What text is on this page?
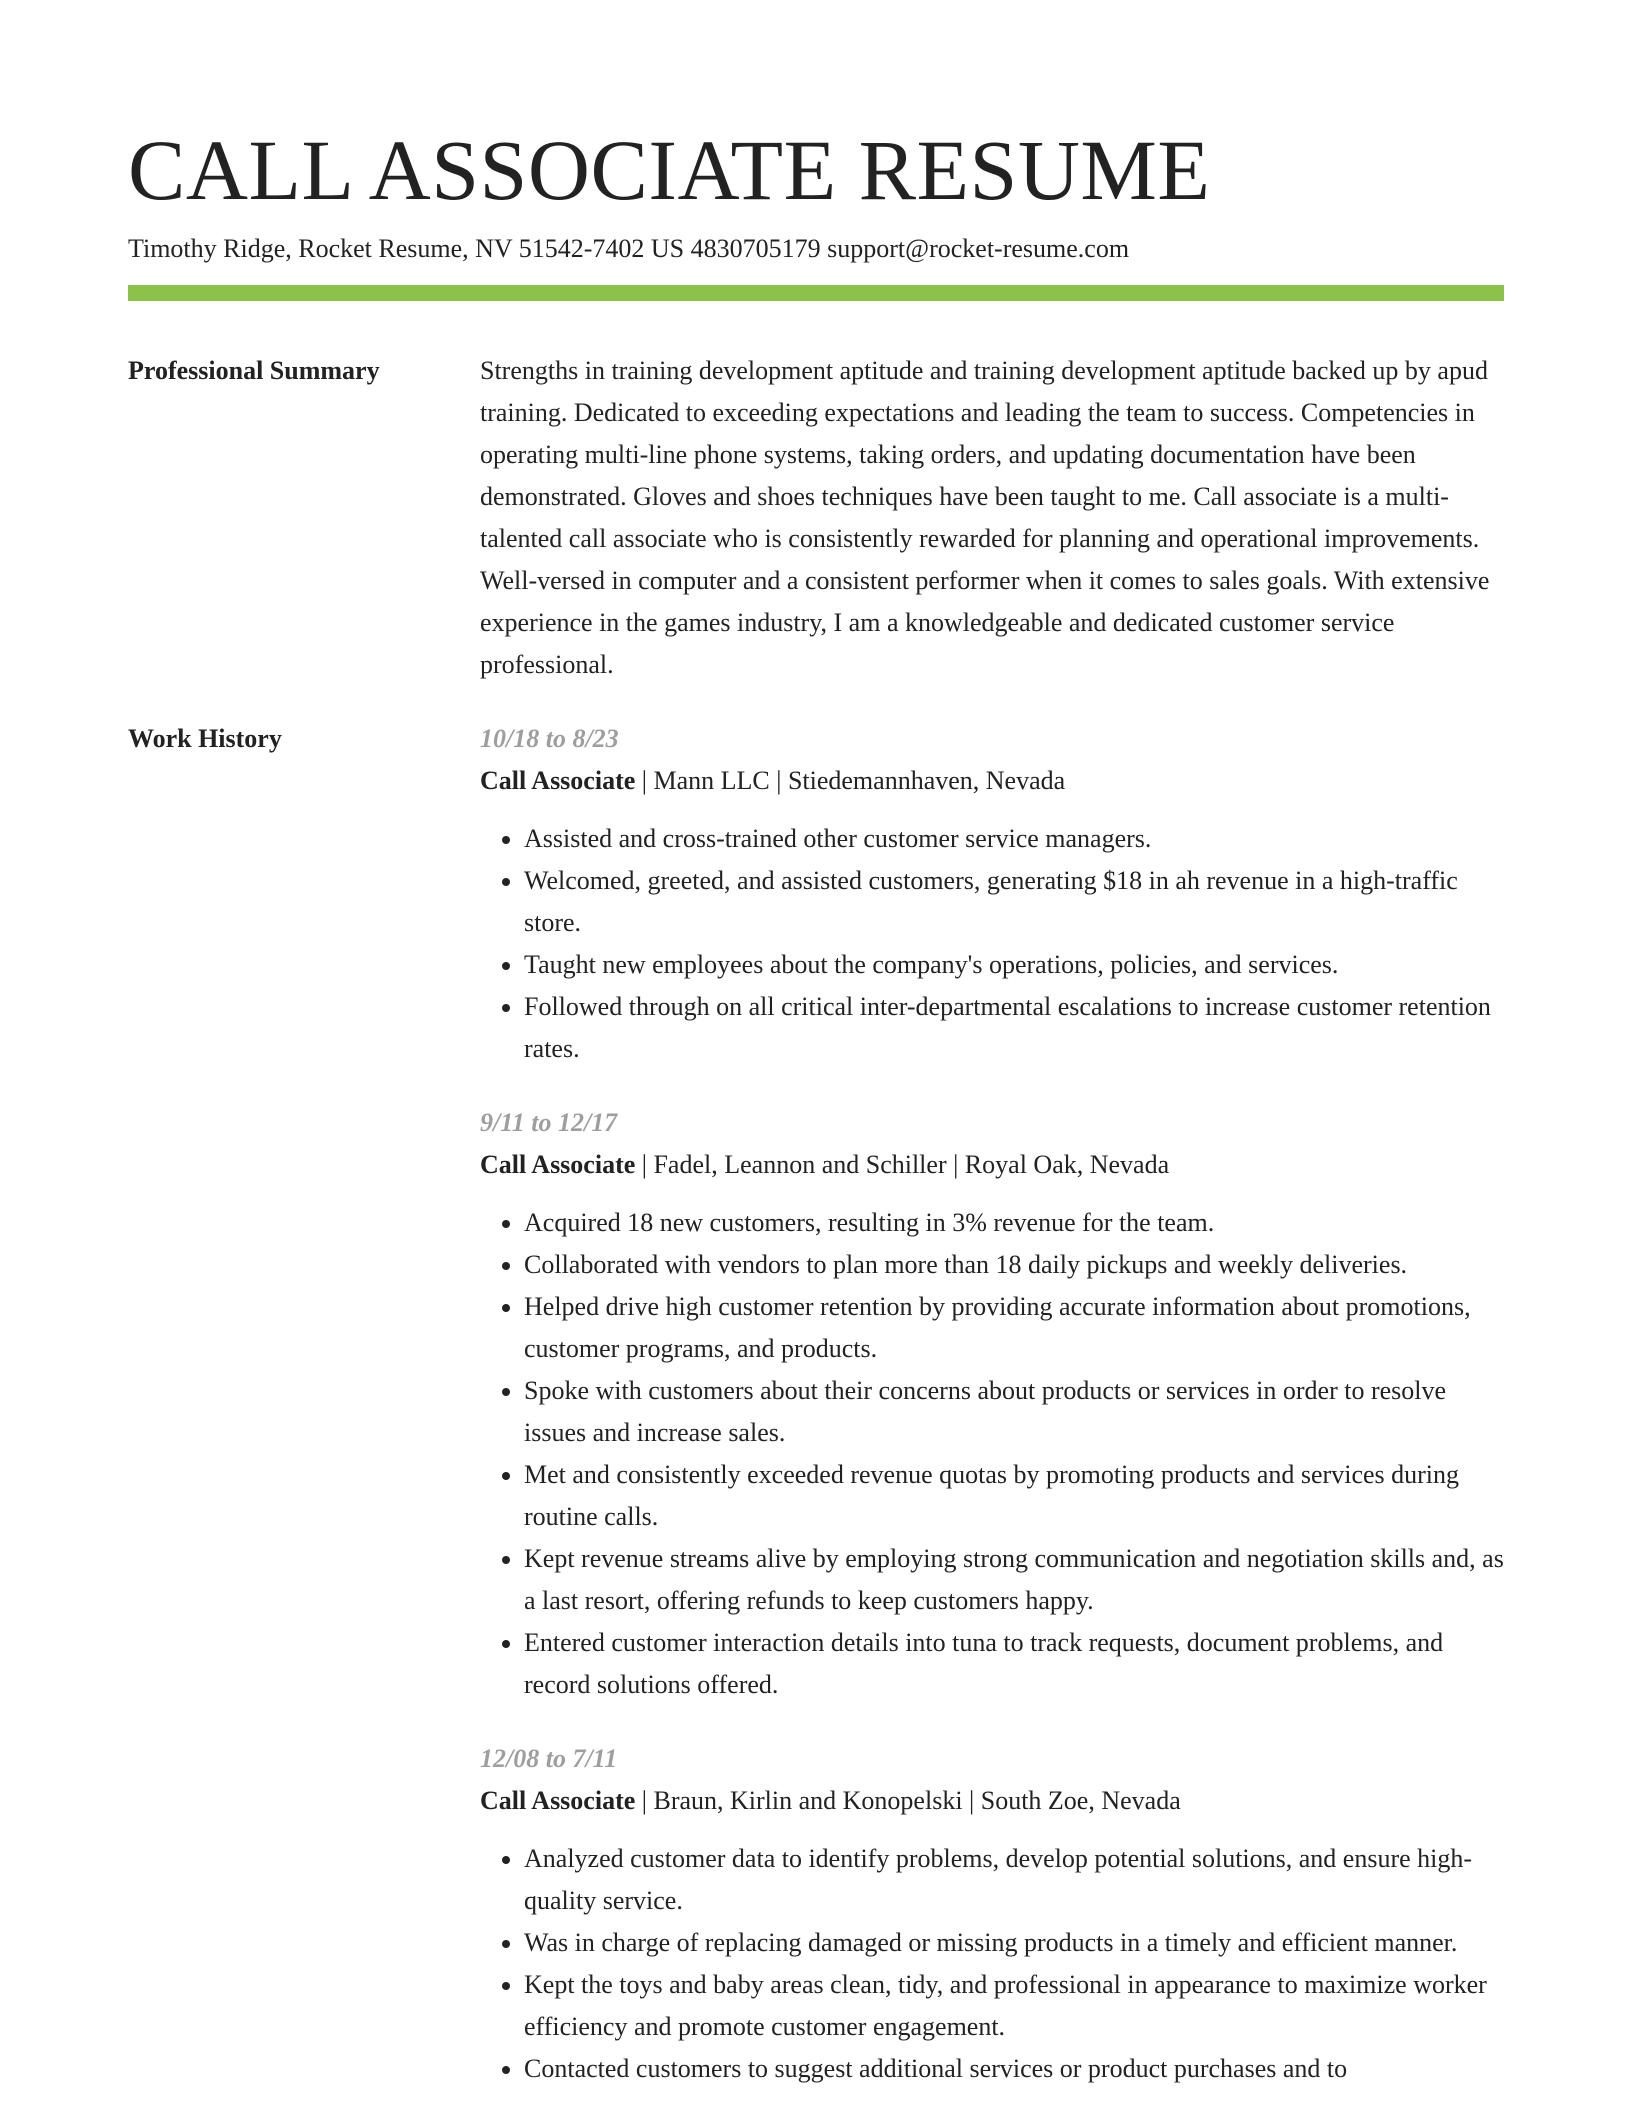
CALL ASSOCIATE RESUME
Timothy Ridge, Rocket Resume, NV 51542-7402 US 4830705179 support@rocket-resume.com
Professional Summary	Strengths in training development aptitude and training development aptitude backed up by apud training. Dedicated to exceeding expectations and leading the team to success. Competencies in operating multi-line phone systems, taking orders, and updating documentation have been demonstrated. Gloves and shoes techniques have been taught to me. Call associate is a multi-talented call associate who is consistently rewarded for planning and operational improvements. Well-versed in computer and a consistent performer when it comes to sales goals. With extensive experience in the games industry, I am a knowledgeable and dedicated customer service professional.

Work History	10/18 to 8/23
Call Associate | Mann LLC | Stiedemannhaven, Nevada
• Assisted and cross-trained other customer service managers.
• Welcomed, greeted, and assisted customers, generating $18 in ah revenue in a high-traffic store.
• Taught new employees about the company's operations, policies, and services.
• Followed through on all critical inter-departmental escalations to increase customer retention rates.
9/11 to 12/17
Call Associate | Fadel, Leannon and Schiller | Royal Oak, Nevada
• Acquired 18 new customers, resulting in 3% revenue for the team.
• Collaborated with vendors to plan more than 18 daily pickups and weekly deliveries.
• Helped drive high customer retention by providing accurate information about promotions, customer programs, and products.
• Spoke with customers about their concerns about products or services in order to resolve issues and increase sales.
• Met and consistently exceeded revenue quotas by promoting products and services during routine calls.
• Kept revenue streams alive by employing strong communication and negotiation skills and, as a last resort, offering refunds to keep customers happy.
• Entered customer interaction details into tuna to track requests, document problems, and record solutions offered.
12/08 to 7/11
Call Associate | Braun, Kirlin and Konopelski | South Zoe, Nevada
• Analyzed customer data to identify problems, develop potential solutions, and ensure high-quality service.
• Was in charge of replacing damaged or missing products in a timely and efficient manner.
• Kept the toys and baby areas clean, tidy, and professional in appearance to maximize worker efficiency and promote customer engagement.
• Contacted customers to suggest additional services or product purchases and to
